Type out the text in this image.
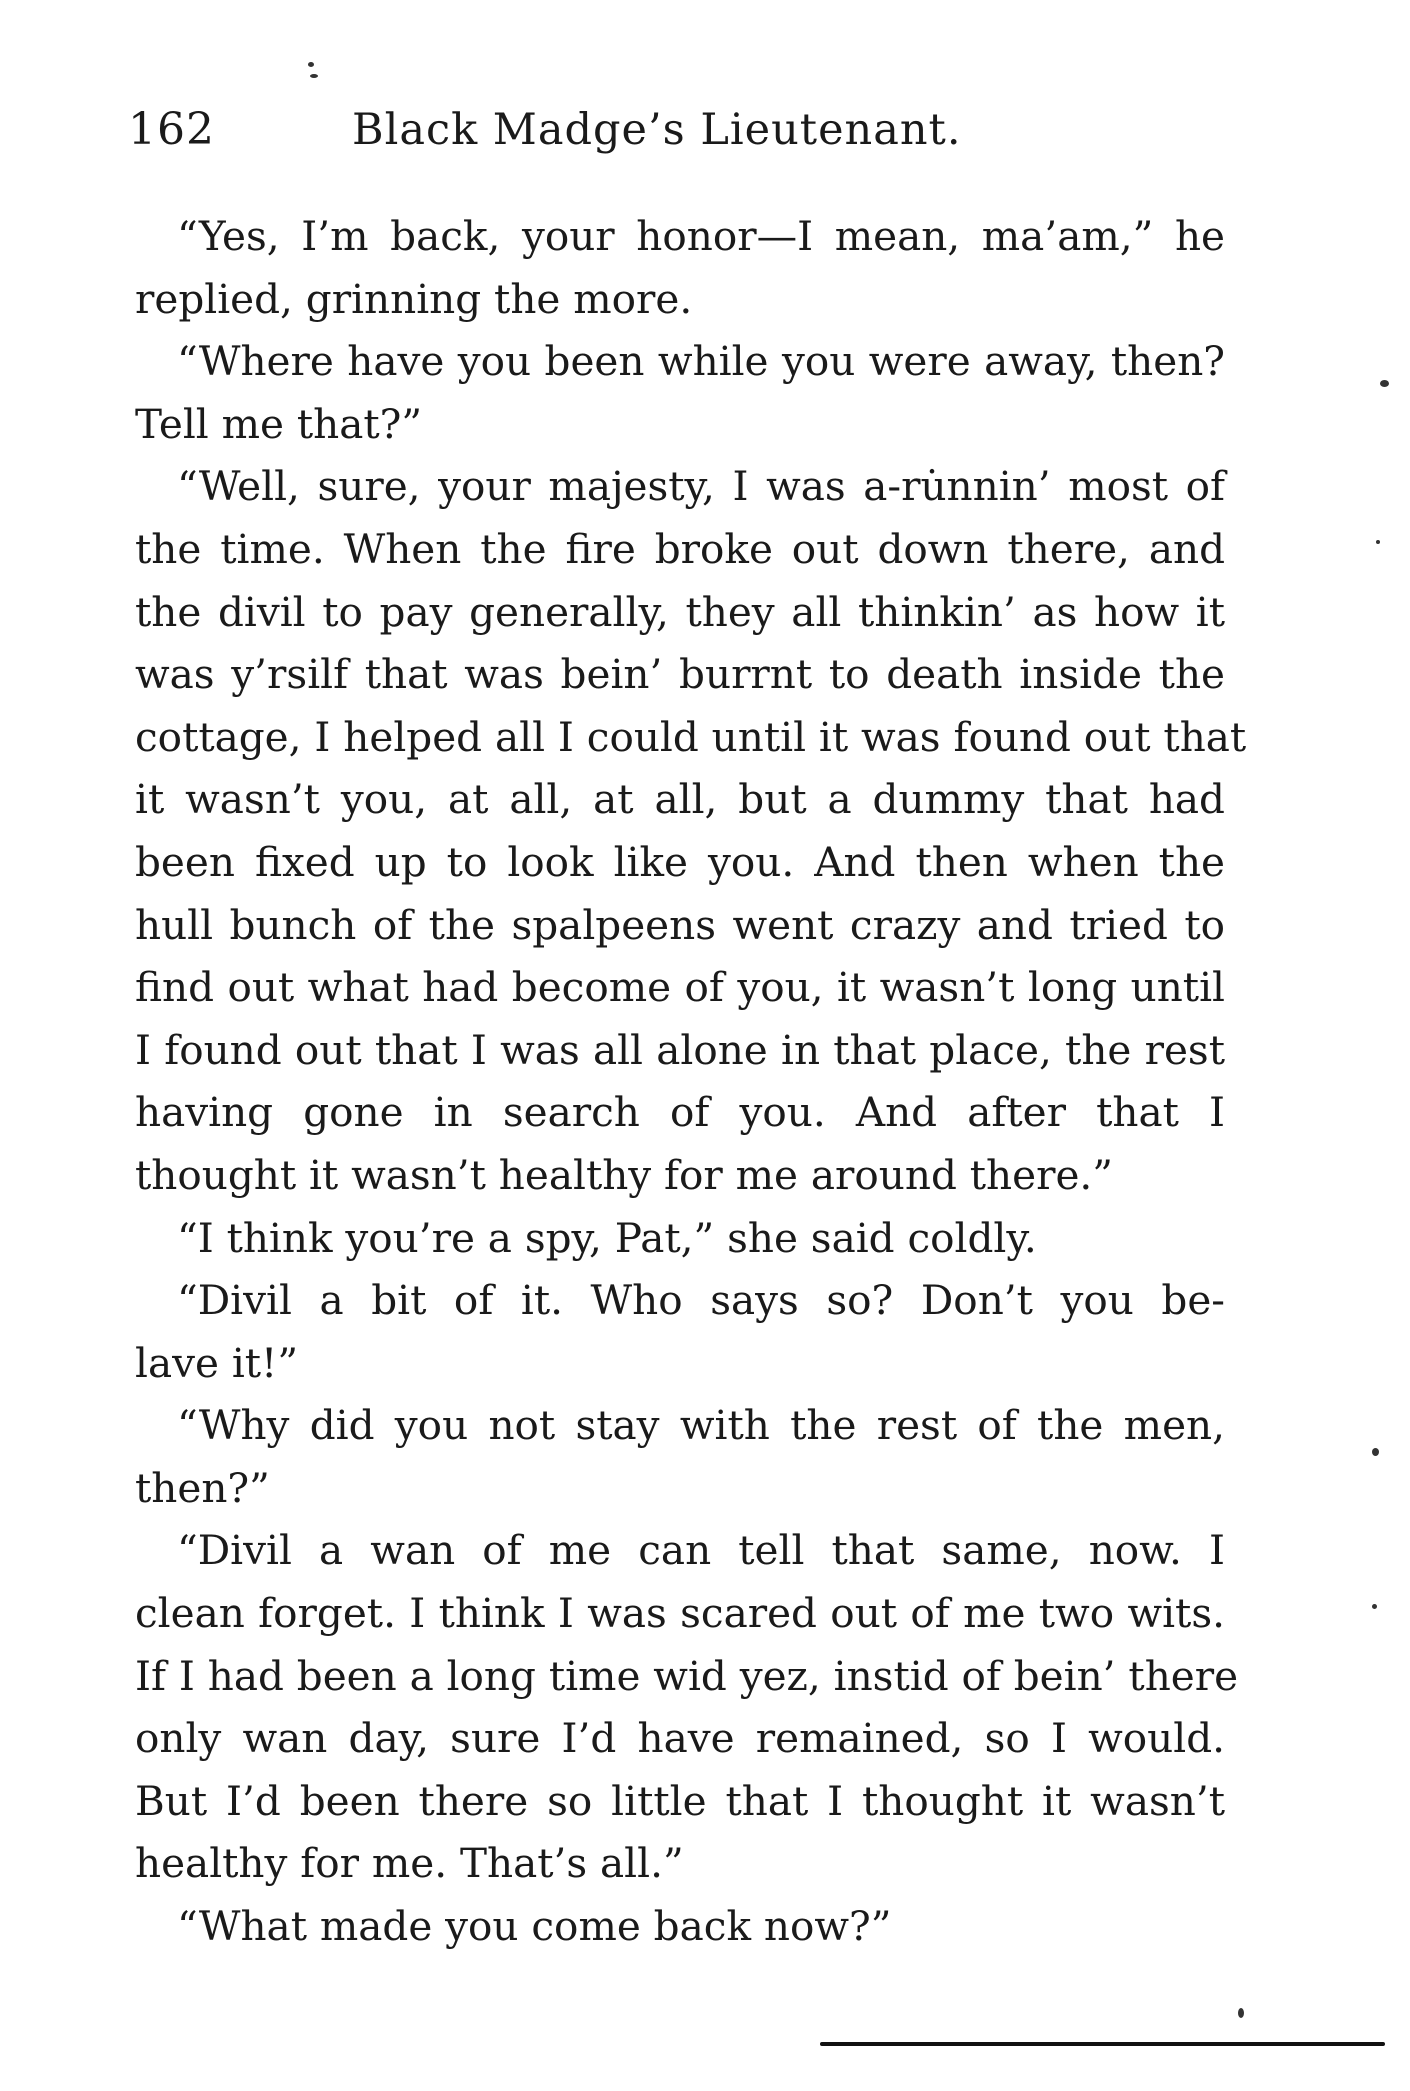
162	Black Madge’s Lieutenant.

“Yes, I’m back, your honor—I mean, ma’am,” he
replied, grinning the more.

“Where have you been while you were away, then?
Tell me that?”

“Well, sure, your majesty, I was a-ru̇nnin’ most of
the time. When the fire broke out down there, and
the divil to pay generally, they all thinkin’ as how it
was y’rsilf that was bein’ burrnt to death inside the
cottage, I helped all I could until it was found out that
it wasn’t you, at all, at all, but a dummy that had
been fixed up to look like you. And then when the
hull bunch of the spalpeens went crazy and tried to
find out what had become of you, it wasn’t long until
I found out that I was all alone in that place, the rest
having gone in search of you. And after that I
thought it wasn’t healthy for me around there.”

“I think you’re a spy, Pat,” she said coldly.

“Divil a bit of it. Who says so? Don’t you be-
lave it!”

“Why did you not stay with the rest of the men,
then?”

“Divil a wan of me can tell that same, now. I
clean forget. I think I was scared out of me two wits.
If I had been a long time wid yez, instid of bein’ there
only wan day, sure I’d have remained, so I would.
But I’d been there so little that I thought it wasn’t
healthy for me. That’s all.”

“What made you come back now?”
